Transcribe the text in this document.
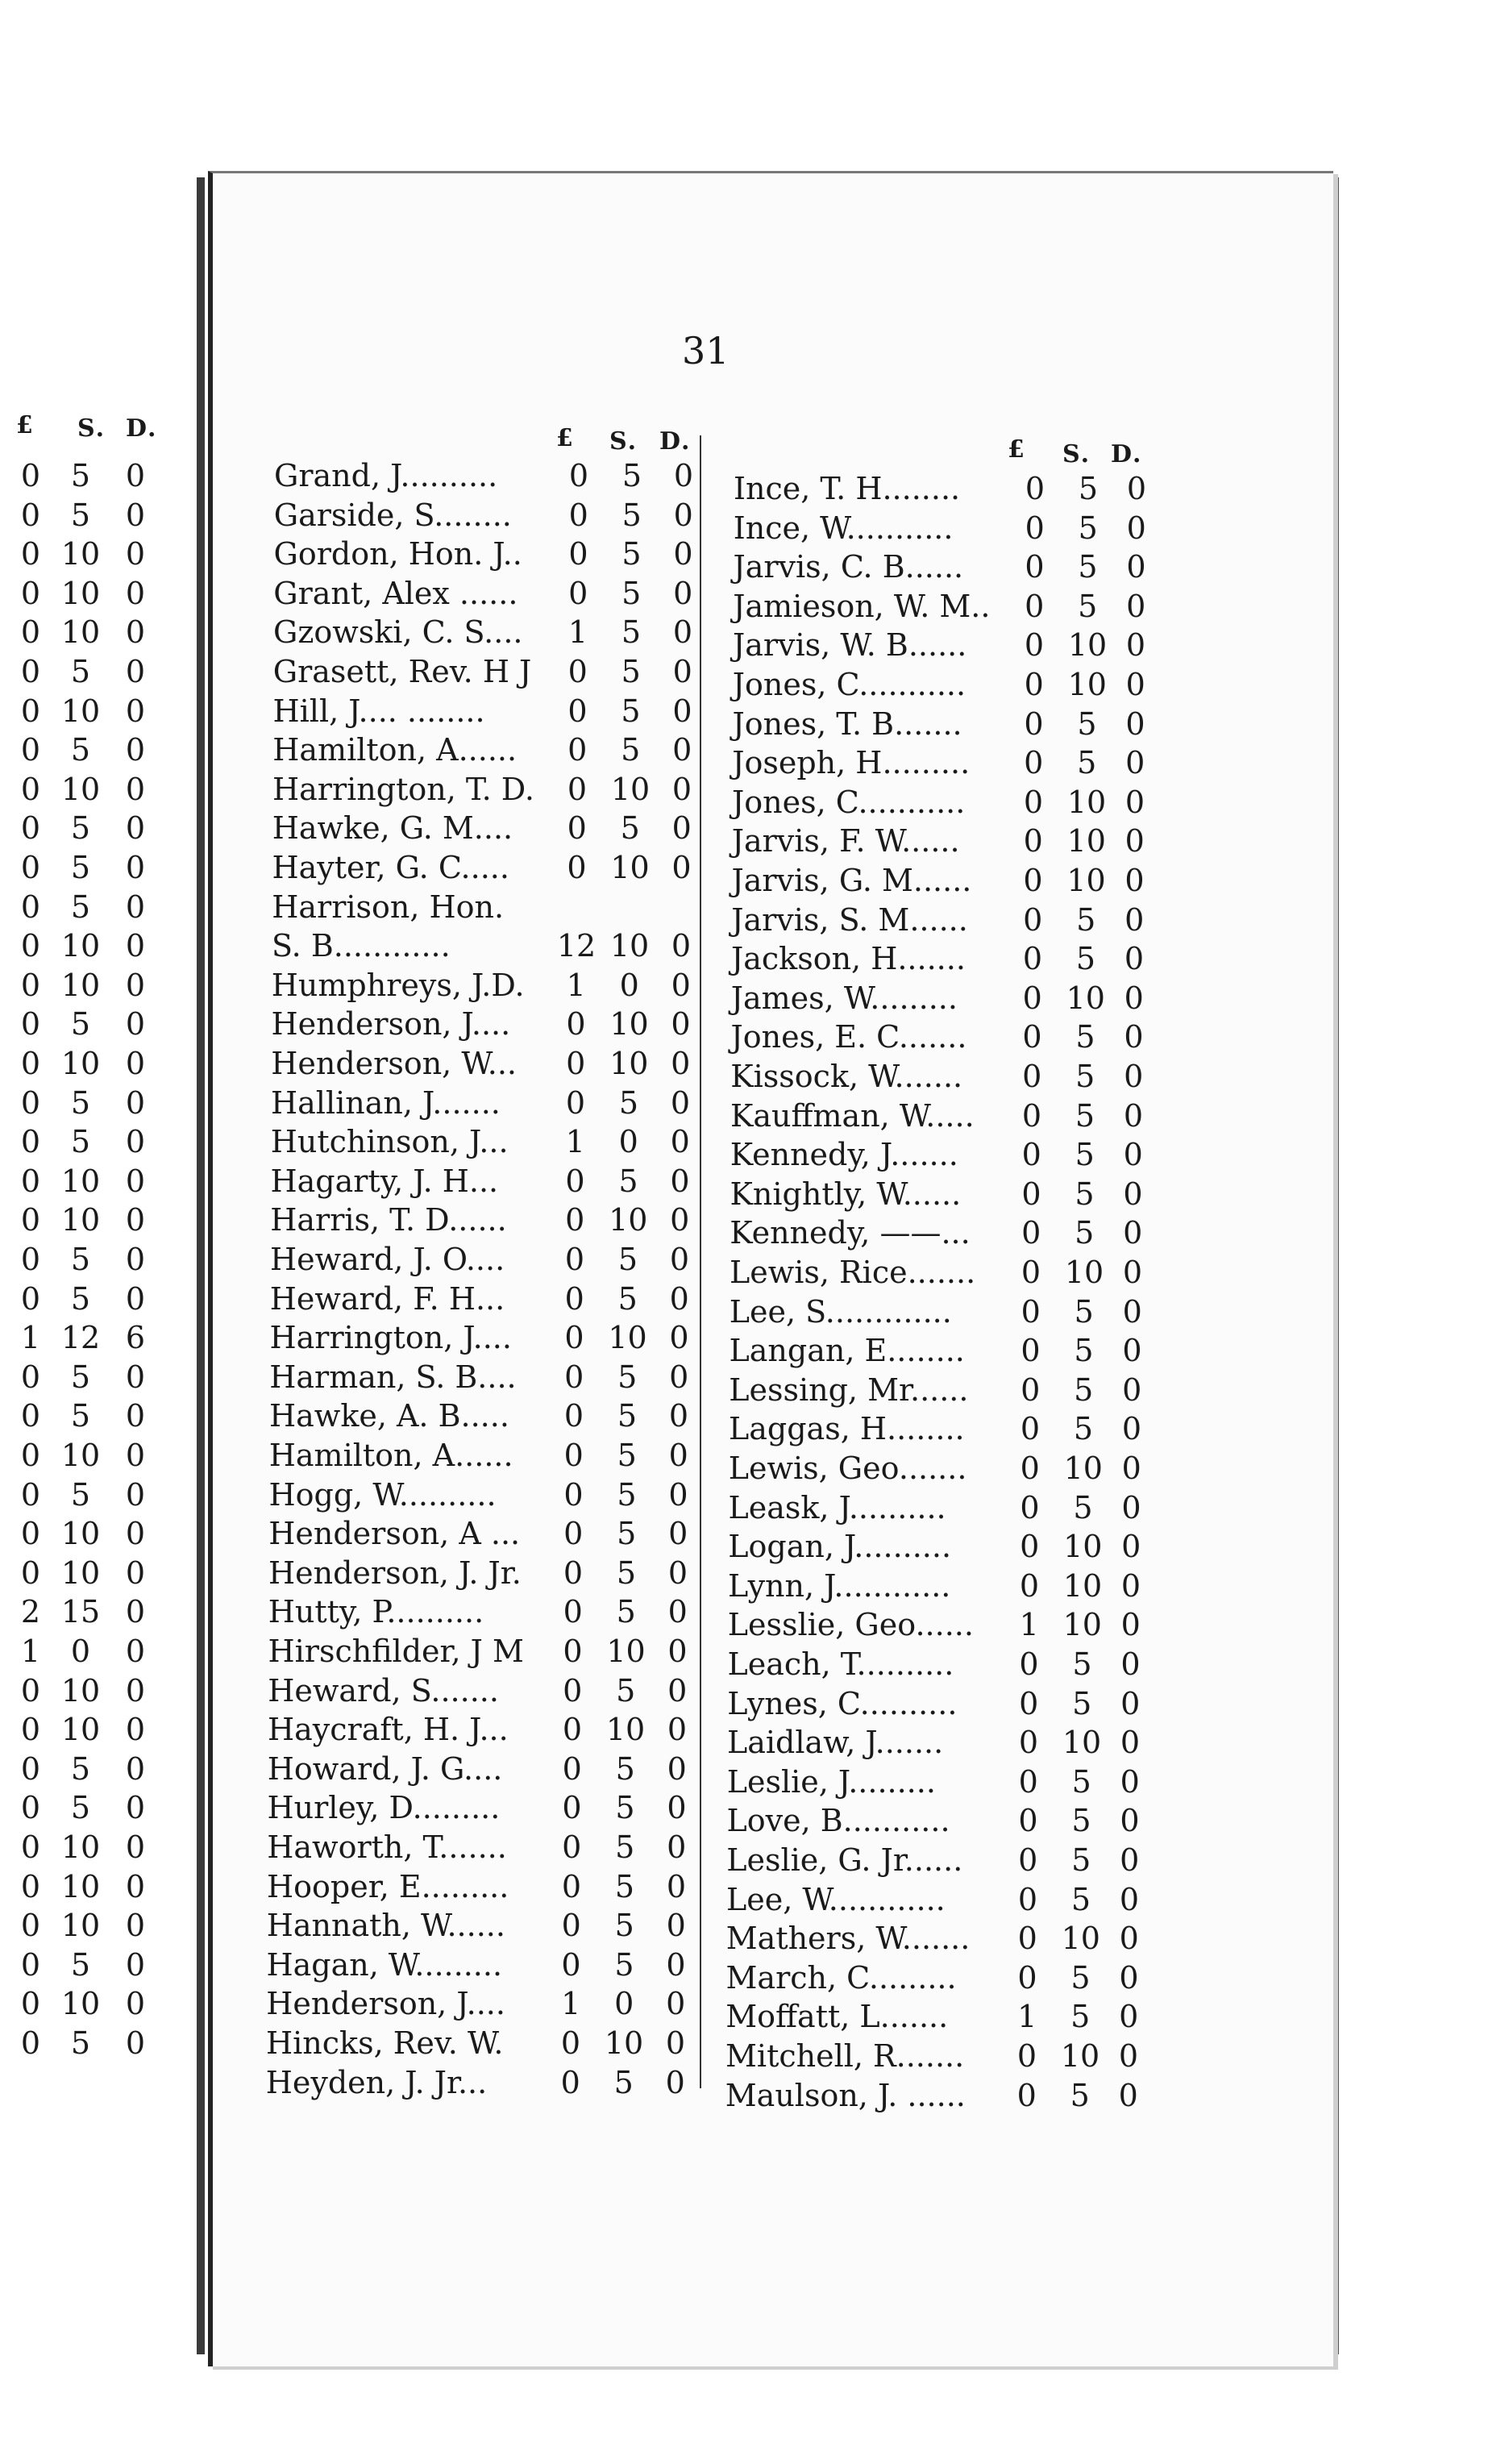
31
0 5	0
0 5	0
0 10 0
0 10 0
0 10 0
0 5	0
0 10 0
0 5	0
0 10 0
0 5	0
0 5	0
0 5	0
0 10 0
0 10 0
0 5	0
0 10 0
0 5	0
0 5	0
0 10 0
0 10 0
0 5	0
0 5	0
1 12 6
0 5	0
0 5	0
0 10 0
0 5	0
0 10 0
0 10 0
2 15 0
1 0	0
0 10 0
0 10 0
0 5	0
0 5	0
0 10 0
0 10 0
0 10 0
0 5	0
0 10 0
0 5	0
£ S. D.	£ S. D.
Grand, J..........	0	5	0
Garside, S........	0	5	0
Gordon, Hon. J..	0	5	0
Grant, Alex ......	0	5	0
Gzowski, C. S....	1	5	0
Grasett, Rev. H J	0	5	0
Hill, J.... ........	0	5	0
Hamilton, A......	0	5	0
Harrington, T. D.	0 10 0
Hawke, G. M....	0	5	0
Hayter, G. C.....	0 10 0
Harrison, Hon.
S. B............	12 10 0
Humphreys, J.D.	1	0	0
Henderson, J....	0 10 0
Henderson, W...	0 10 0
Hallinan, J.......	0	5	0
Hutchinson, J...	1	0	0
Hagarty, J. H...	0	5	0
Harris, T. D......	0 10 0
Heward, J. O....	0	5	0
Heward, F. H...	0	5	0
Harrington, J....	0 10 0
Harman, S. B....	0	5	0
Hawke, A. B.....	0	5	0
Hamilton, A......	0	5	0
Hogg, W..........	0	5	0
Henderson, A ...	0	5	0
Henderson, J. Jr.	0	5	0
Hutty, P..........	0	5	0
Hirschfilder, J M	0 10 0
Heward, S.......	0	5	0
Haycraft, H. J...	0 10 0
Howard, J. G....	0	5	0
Hurley, D.........	0	5	0
Haworth, T.......	0	5	0
Hooper, E.........	0	5	0
Hannath, W......	0	5	0
Hagan, W.........	0	5	0
Henderson, J....	1	0	0
Hincks, Rev. W.	0 10 0
Heyden, J. Jr...	0	5	0
£ S. D.
Ince, T. H........	0	5 0
Ince, W...........	0	5 0
Jarvis, C. B......	0	5 0
Jamieson, W. M..	0	5 0
Jarvis, W. B......	0 10 0
Jones, C...........	0 10 0
Jones, T. B.......	0	5 0
Joseph, H.........	0	5 0
Jones, C...........	0 10 0
Jarvis, F. W......	0 10 0
Jarvis, G. M......	0 10 0
Jarvis, S. M......	0	5 0
Jackson, H.......	0	5 0
James, W.........	0 10 0
Jones, E. C.......	0	5 0
Kissock, W.......	0	5 0
Kauffman, W.....	0	5 0
Kennedy, J.......	0	5 0
Knightly, W......	0	5 0
Kennedy, ——...	0	5 0
Lewis, Rice.......	0 10 0
Lee, S.............	0	5 0
Langan, E........	0	5 0
Lessing, Mr......	0	5 0
Laggas, H........	0	5 0
Lewis, Geo.......	0 10 0
Leask, J..........	0	5 0
Logan, J..........	0 10 0
Lynn, J............	0 10 0
Lesslie, Geo......	1 10 0
Leach, T..........	0	5 0
Lynes, C..........	0	5 0
Laidlaw, J.......	0 10 0
Leslie, J.........	0	5 0
Love, B...........	0	5 0
Leslie, G. Jr......	0	5 0
Lee, W............	0	5 0
Mathers, W.......	0 10 0
March, C.........	0	5 0
Moffatt, L.......	1	5 0
Mitchell, R.......	0 10 0
Maulson, J. ......	0	5 0
